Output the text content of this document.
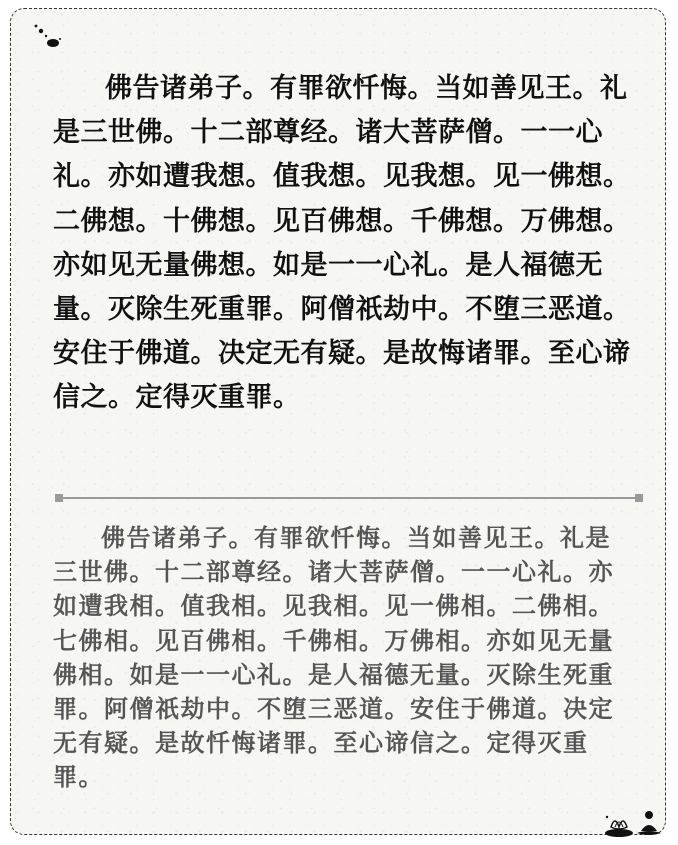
佛告诸弟子。有罪欲忏悔。当如善见王。礼是三世佛。十二部尊经。诸大菩萨僧。一一心礼。亦如遭我想。值我想。见我想。见一佛想。二佛想。十佛想。见百佛想。千佛想。万佛想。亦如见无量佛想。如是一一心礼。是人福德无量。灭除生死重罪。阿僧祇劫中。不堕三恶道。安住于佛道。决定无有疑。是故悔诸罪。至心谛信之。定得灭重罪。

佛告诸弟子。有罪欲忏悔。当如善见王。礼是三世佛。十二部尊经。诸大菩萨僧。一一心礼。亦如遭我相。值我相。见我相。见一佛相。二佛相。七佛相。见百佛相。千佛相。万佛相。亦如见无量佛相。如是一一心礼。是人福德无量。灭除生死重罪。阿僧祇劫中。不堕三恶道。安住于佛道。决定无有疑。是故忏悔诸罪。至心谛信之。定得灭重罪。
